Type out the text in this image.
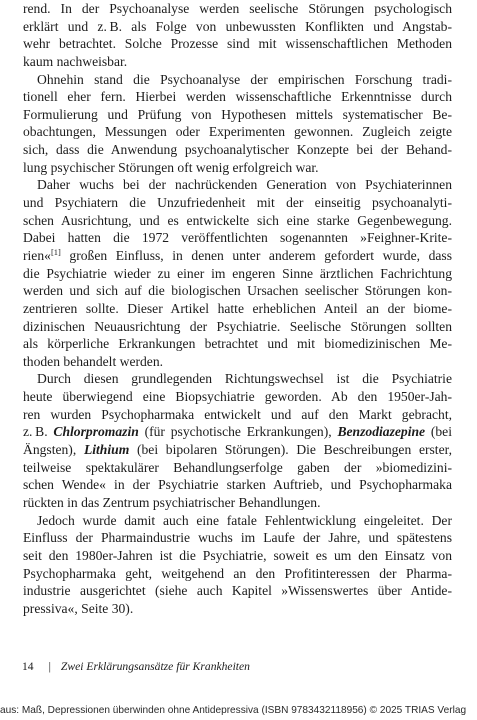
rend. In der Psychoanalyse werden seelische Störungen psychologisch
erklärt und z. B. als Folge von unbewussten Konflikten und Angstab-
wehr betrachtet. Solche Prozesse sind mit wissenschaftlichen Methoden
kaum nachweisbar.
Ohnehin stand die Psychoanalyse der empirischen Forschung tradi-
tionell eher fern. Hierbei werden wissenschaftliche Erkenntnisse durch
Formulierung und Prüfung von Hypothesen mittels systematischer Be-
obachtungen, Messungen oder Experimenten gewonnen. Zugleich zeigte
sich, dass die Anwendung psychoanalytischer Konzepte bei der Behand-
lung psychischer Störungen oft wenig erfolgreich war.
Daher wuchs bei der nachrückenden Generation von Psychiaterinnen
und Psychiatern die Unzufriedenheit mit der einseitig psychoanalyti-
schen Ausrichtung, und es entwickelte sich eine starke Gegenbewegung.
Dabei hatten die 1972 veröffentlichten sogenannten »Feighner-Krite-
rien«[1] großen Einfluss, in denen unter anderem gefordert wurde, dass
die Psychiatrie wieder zu einer im engeren Sinne ärztlichen Fachrichtung
werden und sich auf die biologischen Ursachen seelischer Störungen kon-
zentrieren sollte. Dieser Artikel hatte erheblichen Anteil an der biome-
dizinischen Neuausrichtung der Psychiatrie. Seelische Störungen sollten
als körperliche Erkrankungen betrachtet und mit biomedizinischen Me-
thoden behandelt werden.
Durch diesen grundlegenden Richtungswechsel ist die Psychiatrie
heute überwiegend eine Biopsychiatrie geworden. Ab den 1950er-Jah-
ren wurden Psychopharmaka entwickelt und auf den Markt gebracht,
z. B. Chlorpromazin (für psychotische Erkrankungen), Benzodiazepine (bei
Ängsten), Lithium (bei bipolaren Störungen). Die Beschreibungen erster,
teilweise spektakulärer Behandlungserfolge gaben der »biomedizini-
schen Wende« in der Psychiatrie starken Auftrieb, und Psychopharmaka
rückten in das Zentrum psychiatrischer Behandlungen.
Jedoch wurde damit auch eine fatale Fehlentwicklung eingeleitet. Der
Einfluss der Pharmaindustrie wuchs im Laufe der Jahre, und spätestens
seit den 1980er-Jahren ist die Psychiatrie, soweit es um den Einsatz von
Psychopharmaka geht, weitgehend an den Profitinteressen der Pharma-
industrie ausgerichtet (siehe auch Kapitel »Wissenswertes über Antide-
pressiva«, Seite 30).
14 | Zwei Erklärungsansätze für Krankheiten
aus: Maß, Depressionen überwinden ohne Antidepressiva (ISBN 9783432118956) © 2025 TRIAS Verlag
